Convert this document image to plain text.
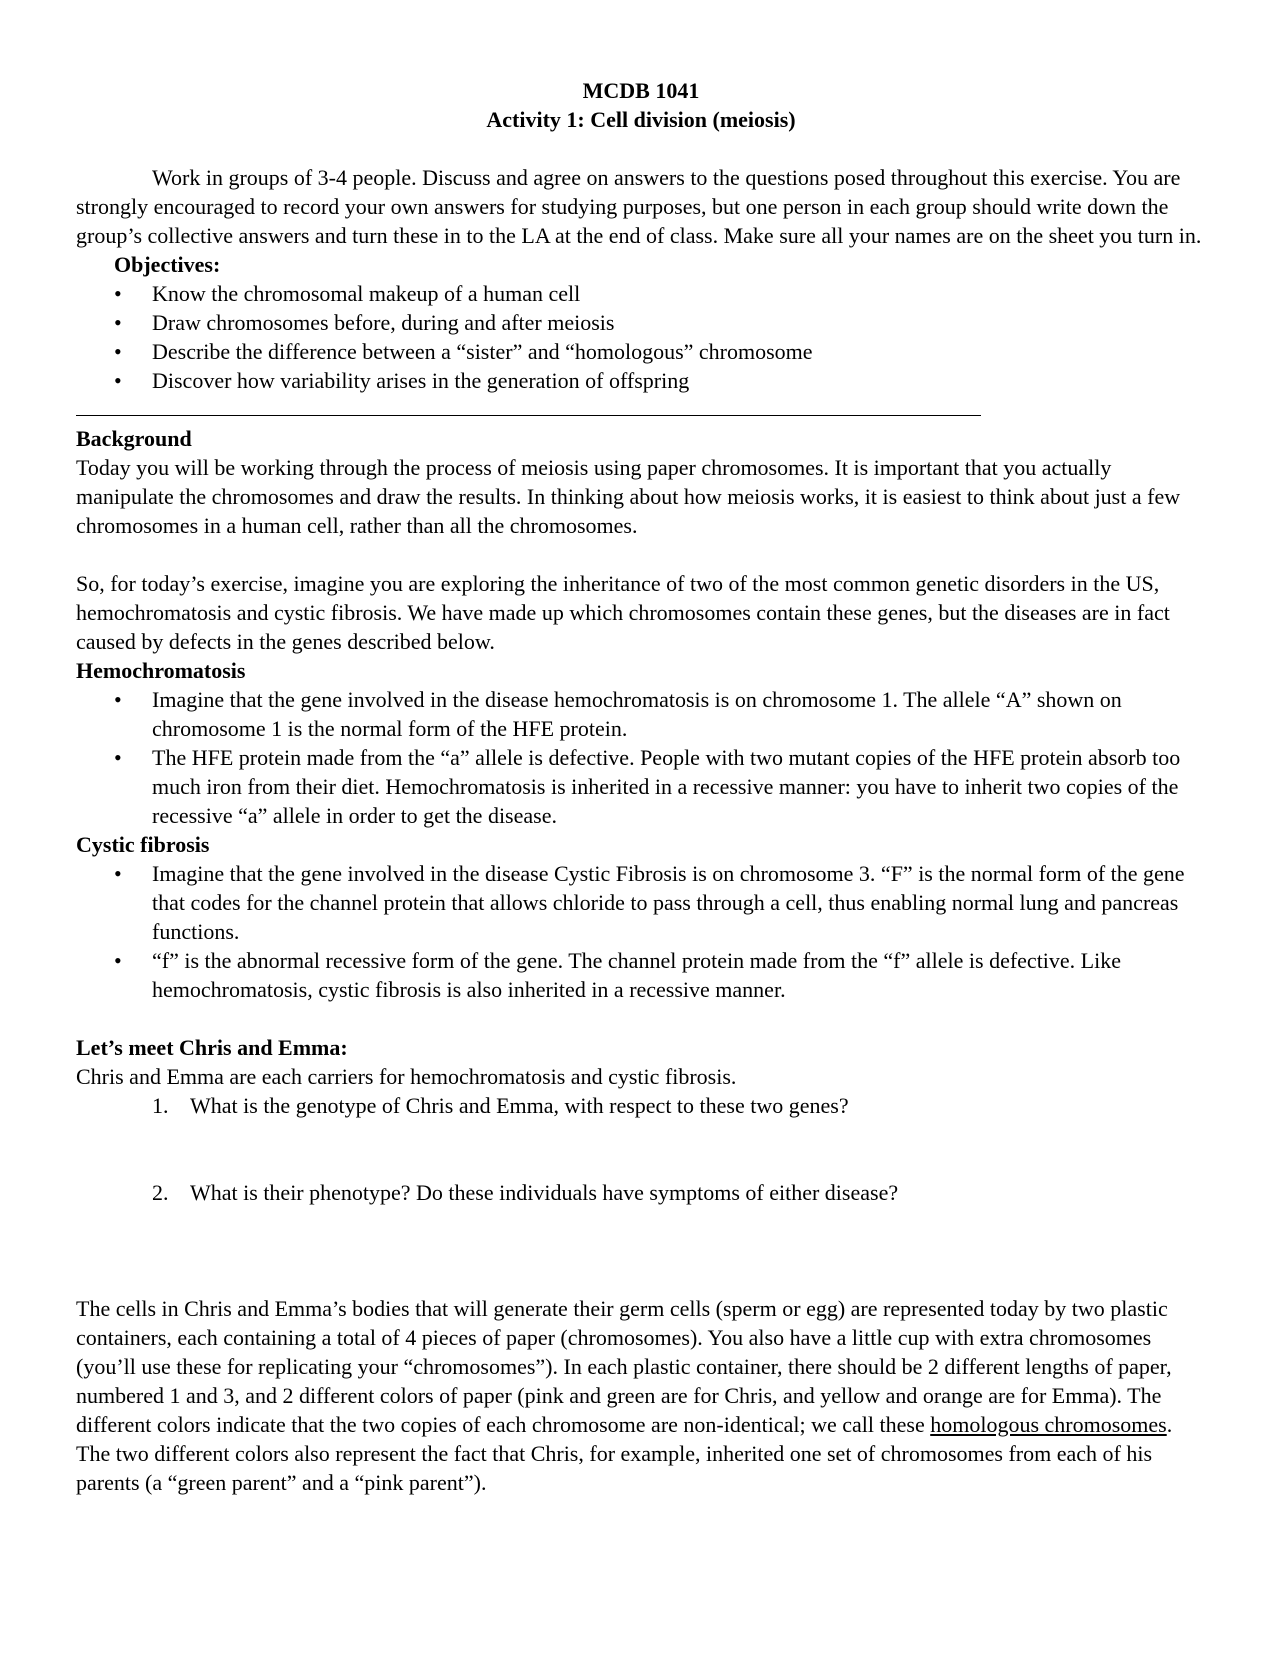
MCDB 1041

Activity 1: Cell division (meiosis)

Work in groups of 3-4 people. Discuss and agree on answers to the questions posed throughout this exercise. You are strongly encouraged to record your own answers for studying purposes, but one person in each group should write down the group’s collective answers and turn these in to the LA at the end of class. Make sure all your names are on the sheet you turn in.

Objectives:

• Know the chromosomal makeup of a human cell
• Draw chromosomes before, during and after meiosis
• Describe the difference between a “sister” and “homologous” chromosome
• Discover how variability arises in the generation of offspring

Background

Today you will be working through the process of meiosis using paper chromosomes. It is important that you actually manipulate the chromosomes and draw the results. In thinking about how meiosis works, it is easiest to think about just a few chromosomes in a human cell, rather than all the chromosomes.

So, for today’s exercise, imagine you are exploring the inheritance of two of the most common genetic disorders in the US, hemochromatosis and cystic fibrosis. We have made up which chromosomes contain these genes, but the diseases are in fact caused by defects in the genes described below.

Hemochromatosis

• Imagine that the gene involved in the disease hemochromatosis is on chromosome 1. The allele “A” shown on chromosome 1 is the normal form of the HFE protein.
• The HFE protein made from the “a” allele is defective. People with two mutant copies of the HFE protein absorb too much iron from their diet. Hemochromatosis is inherited in a recessive manner: you have to inherit two copies of the recessive “a” allele in order to get the disease.

Cystic fibrosis

• Imagine that the gene involved in the disease Cystic Fibrosis is on chromosome 3. “F” is the normal form of the gene that codes for the channel protein that allows chloride to pass through a cell, thus enabling normal lung and pancreas functions.
• “f” is the abnormal recessive form of the gene. The channel protein made from the “f” allele is defective. Like hemochromatosis, cystic fibrosis is also inherited in a recessive manner.

Let’s meet Chris and Emma:

Chris and Emma are each carriers for hemochromatosis and cystic fibrosis.

1. What is the genotype of Chris and Emma, with respect to these two genes?
2. What is their phenotype? Do these individuals have symptoms of either disease?

The cells in Chris and Emma’s bodies that will generate their germ cells (sperm or egg) are represented today by two plastic containers, each containing a total of 4 pieces of paper (chromosomes). You also have a little cup with extra chromosomes (you’ll use these for replicating your “chromosomes”). In each plastic container, there should be 2 different lengths of paper, numbered 1 and 3, and 2 different colors of paper (pink and green are for Chris, and yellow and orange are for Emma). The different colors indicate that the two copies of each chromosome are non-identical; we call these homologous chromosomes. The two different colors also represent the fact that Chris, for example, inherited one set of chromosomes from each of his parents (a “green parent” and a “pink parent”).
